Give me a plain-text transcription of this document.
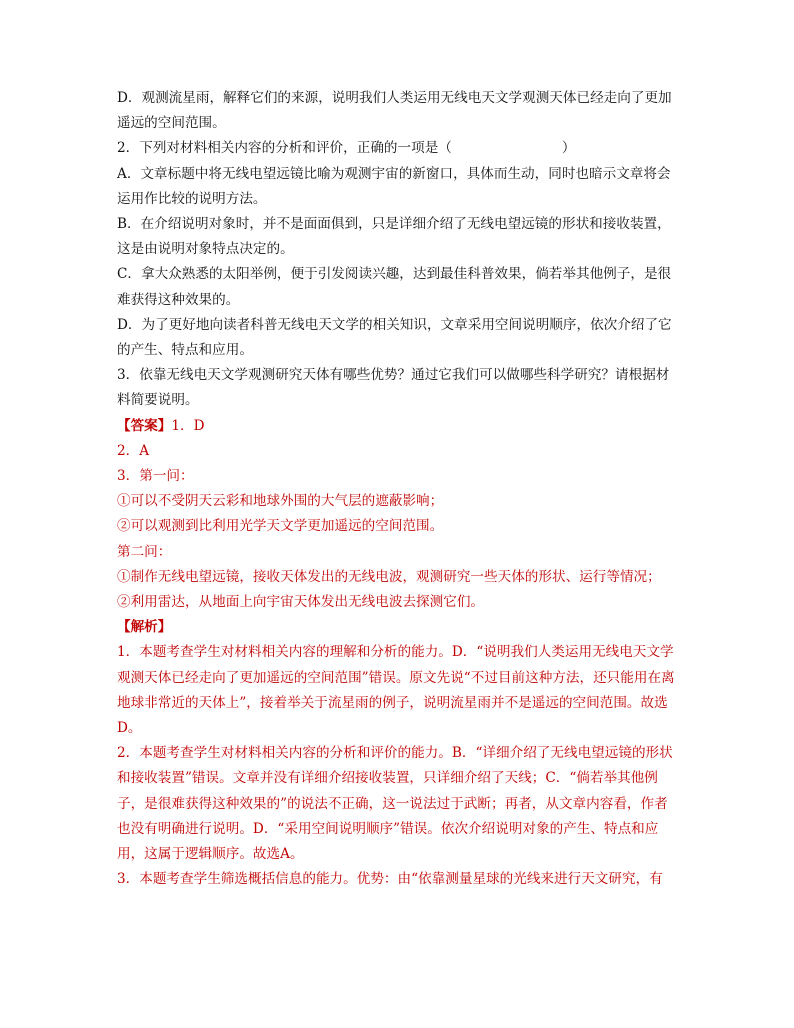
D．观测流星雨，解释它们的来源，说明我们人类运用无线电天文学观测天体已经走向了更加遥远的空间范围。

2．下列对材料相关内容的分析和评价，正确的一项是（	）

A．文章标题中将无线电望远镜比喻为观测宇宙的新窗口，具体而生动，同时也暗示文章将会运用作比较的说明方法。

B．在介绍说明对象时，并不是面面俱到，只是详细介绍了无线电望远镜的形状和接收装置，这是由说明对象特点决定的。

C．拿大众熟悉的太阳举例，便于引发阅读兴趣，达到最佳科普效果，倘若举其他例子，是很难获得这种效果的。

D．为了更好地向读者科普无线电天文学的相关知识，文章采用空间说明顺序，依次介绍了它的产生、特点和应用。

3．依靠无线电天文学观测研究天体有哪些优势？通过它我们可以做哪些科学研究？请根据材料简要说明。

【答案】1．D

2．A

3．第一问：

①可以不受阴天云彩和地球外围的大气层的遮蔽影响；

②可以观测到比利用光学天文学更加遥远的空间范围。

第二问：

①制作无线电望远镜，接收天体发出的无线电波，观测研究一些天体的形状、运行等情况；

②利用雷达，从地面上向宇宙天体发出无线电波去探测它们。

【解析】

1．本题考查学生对材料相关内容的理解和分析的能力。D．“说明我们人类运用无线电天文学观测天体已经走向了更加遥远的空间范围”错误。原文先说“不过目前这种方法，还只能用在离地球非常近的天体上”，接着举关于流星雨的例子，说明流星雨并不是遥远的空间范围。故选D。

2．本题考查学生对材料相关内容的分析和评价的能力。B．“详细介绍了无线电望远镜的形状和接收装置”错误。文章并没有详细介绍接收装置，只详细介绍了天线；C．“倘若举其他例子，是很难获得这种效果的”的说法不正确，这一说法过于武断；再者，从文章内容看，作者也没有明确进行说明。D．“采用空间说明顺序”错误。依次介绍说明对象的产生、特点和应用，这属于逻辑顺序。故选A。

3．本题考查学生筛选概括信息的能力。优势：由“依靠测量星球的光线来进行天文研究，有
